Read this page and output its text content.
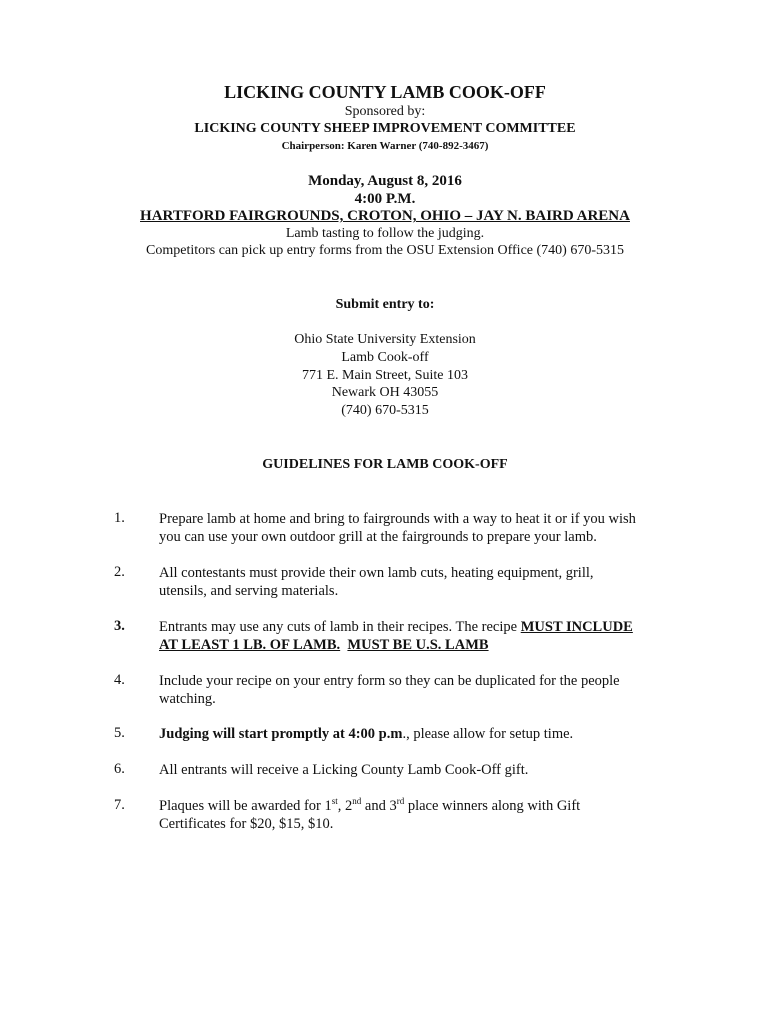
LICKING COUNTY LAMB COOK-OFF
Sponsored by:
LICKING COUNTY SHEEP IMPROVEMENT COMMITTEE
Chairperson: Karen Warner (740-892-3467)
Monday, August 8, 2016
4:00 P.M.
HARTFORD FAIRGROUNDS, CROTON, OHIO – JAY N. BAIRD ARENA
Lamb tasting to follow the judging.
Competitors can pick up entry forms from the OSU Extension Office (740) 670-5315
Submit entry to:
Ohio State University Extension
Lamb Cook-off
771 E. Main Street, Suite 103
Newark OH 43055
(740) 670-5315
GUIDELINES FOR LAMB COOK-OFF
1. Prepare lamb at home and bring to fairgrounds with a way to heat it or if you wish
you can use your own outdoor grill at the fairgrounds to prepare your lamb.
2. All contestants must provide their own lamb cuts, heating equipment, grill,
utensils, and serving materials.
3. Entrants may use any cuts of lamb in their recipes. The recipe MUST INCLUDE
AT LEAST 1 LB. OF LAMB. MUST BE U.S. LAMB
4. Include your recipe on your entry form so they can be duplicated for the people
watching.
5. Judging will start promptly at 4:00 p.m., please allow for setup time.
6. All entrants will receive a Licking County Lamb Cook-Off gift.
7. Plaques will be awarded for 1st, 2nd and 3rd place winners along with Gift
Certificates for $20, $15, $10.
